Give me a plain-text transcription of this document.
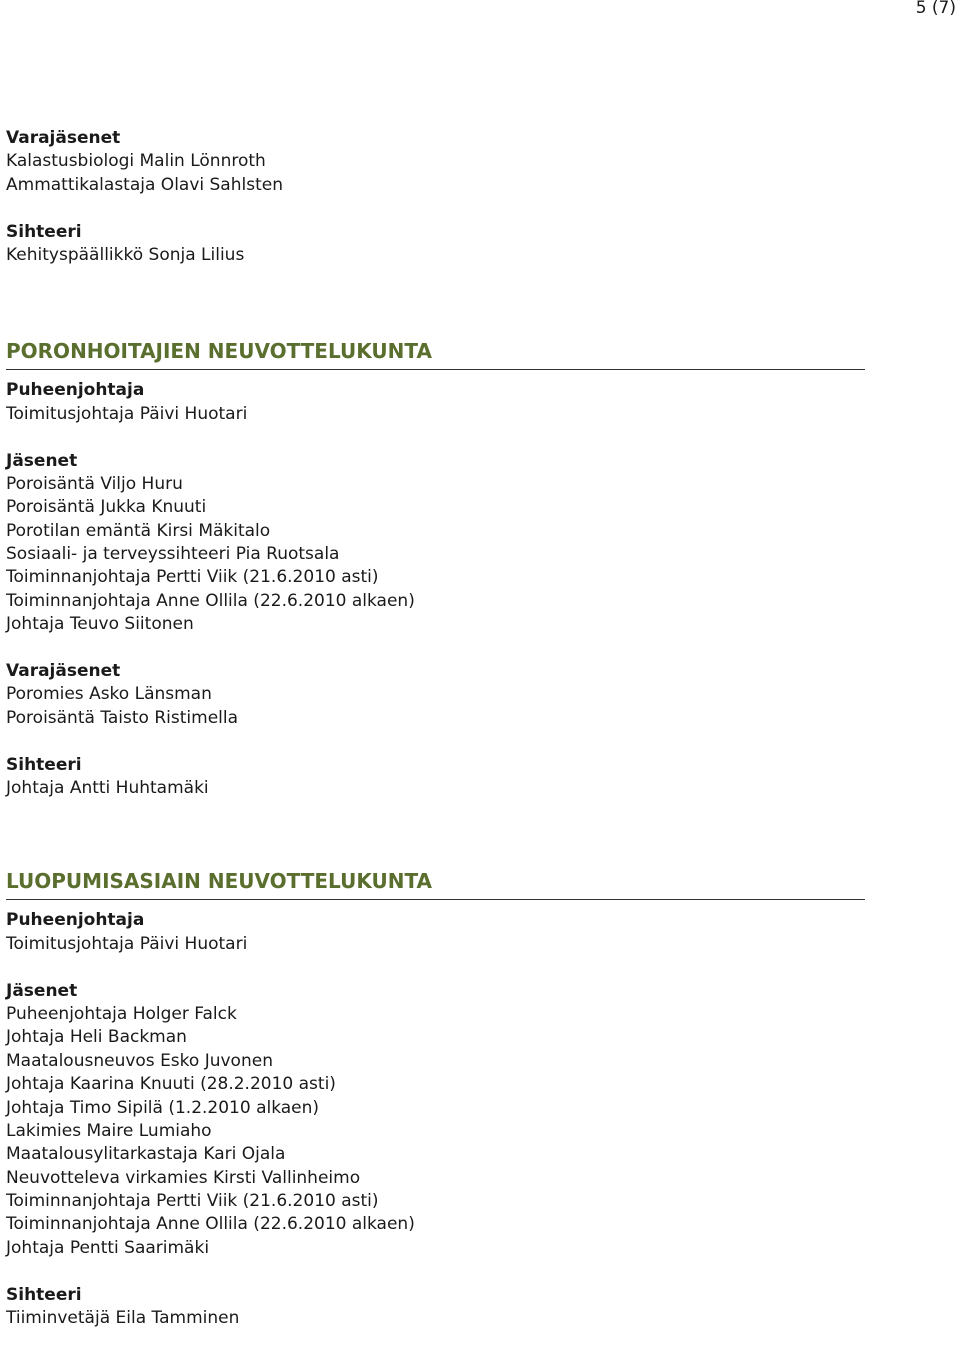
5 (7)
Varajäsenet
Kalastusbiologi Malin Lönnroth
Ammattikalastaja Olavi Sahlsten
Sihteeri
Kehityspäällikkö Sonja Lilius
PORONHOITAJIEN NEUVOTTELUKUNTA
Puheenjohtaja
Toimitusjohtaja Päivi Huotari
Jäsenet
Poroisäntä Viljo Huru
Poroisäntä Jukka Knuuti
Porotilan emäntä Kirsi Mäkitalo
Sosiaali- ja terveyssihteeri Pia Ruotsala
Toiminnanjohtaja Pertti Viik (21.6.2010 asti)
Toiminnanjohtaja Anne Ollila (22.6.2010 alkaen)
Johtaja Teuvo Siitonen
Varajäsenet
Poromies Asko Länsman
Poroisäntä Taisto Ristimella
Sihteeri
Johtaja Antti Huhtamäki
LUOPUMISASIAIN NEUVOTTELUKUNTA
Puheenjohtaja
Toimitusjohtaja Päivi Huotari
Jäsenet
Puheenjohtaja Holger Falck
Johtaja Heli Backman
Maatalousneuvos Esko Juvonen
Johtaja Kaarina Knuuti (28.2.2010 asti)
Johtaja Timo Sipilä (1.2.2010 alkaen)
Lakimies Maire Lumiaho
Maatalousylitarkastaja Kari Ojala
Neuvotteleva virkamies Kirsti Vallinheimo
Toiminnanjohtaja Pertti Viik (21.6.2010 asti)
Toiminnanjohtaja Anne Ollila (22.6.2010 alkaen)
Johtaja Pentti Saarimäki
Sihteeri
Tiiminvetäjä Eila Tamminen
